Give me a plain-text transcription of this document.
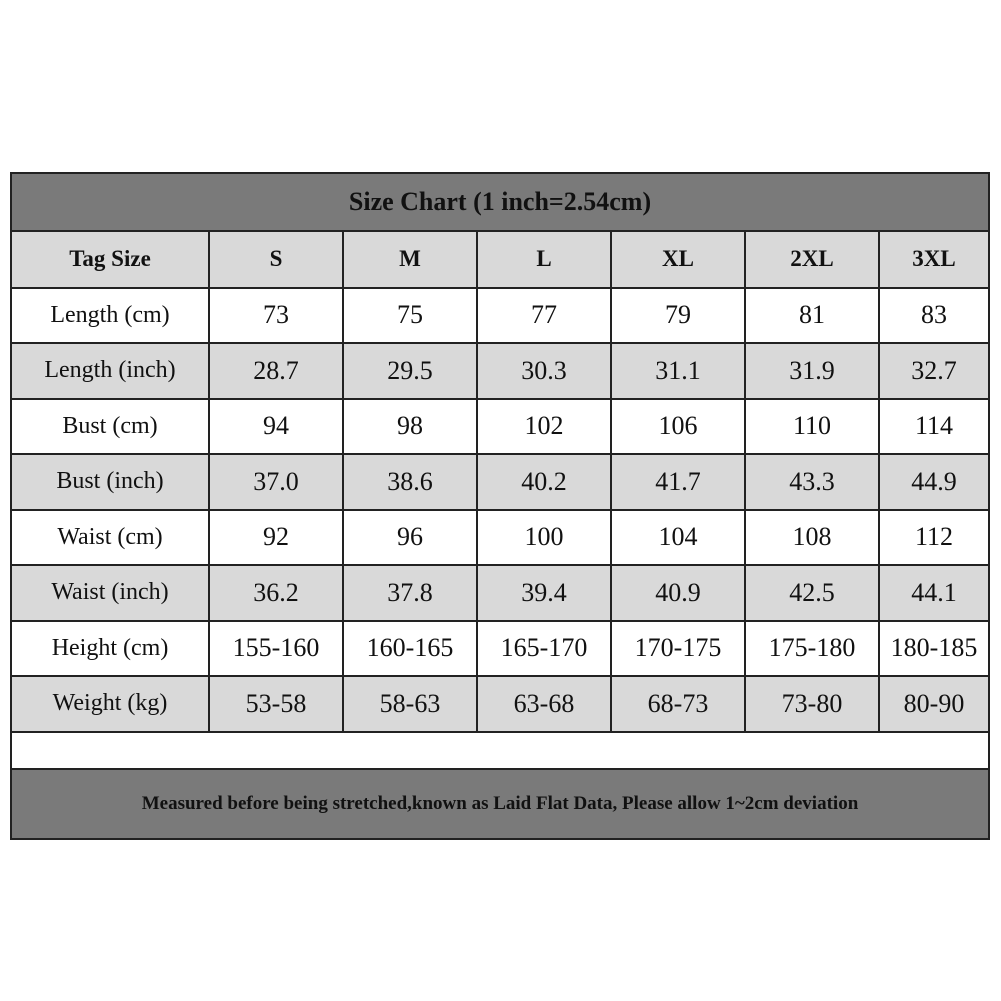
Size Chart (1 inch=2.54cm)
Tag Size	S	M	L	XL	2XL	3XL
Length (cm)	73	75	77	79	81	83
Length (inch)	28.7	29.5	30.3	31.1	31.9	32.7
Bust (cm)	94	98	102	106	110	114
Bust (inch)	37.0	38.6	40.2	41.7	43.3	44.9
Waist (cm)	92	96	100	104	108	112
Waist (inch)	36.2	37.8	39.4	40.9	42.5	44.1
Height (cm)	155-160	160-165	165-170	170-175	175-180	180-185
Weight (kg)	53-58	58-63	63-68	68-73	73-80	80-90
Measured before being stretched,known as Laid Flat Data, Please allow 1~2cm deviation
